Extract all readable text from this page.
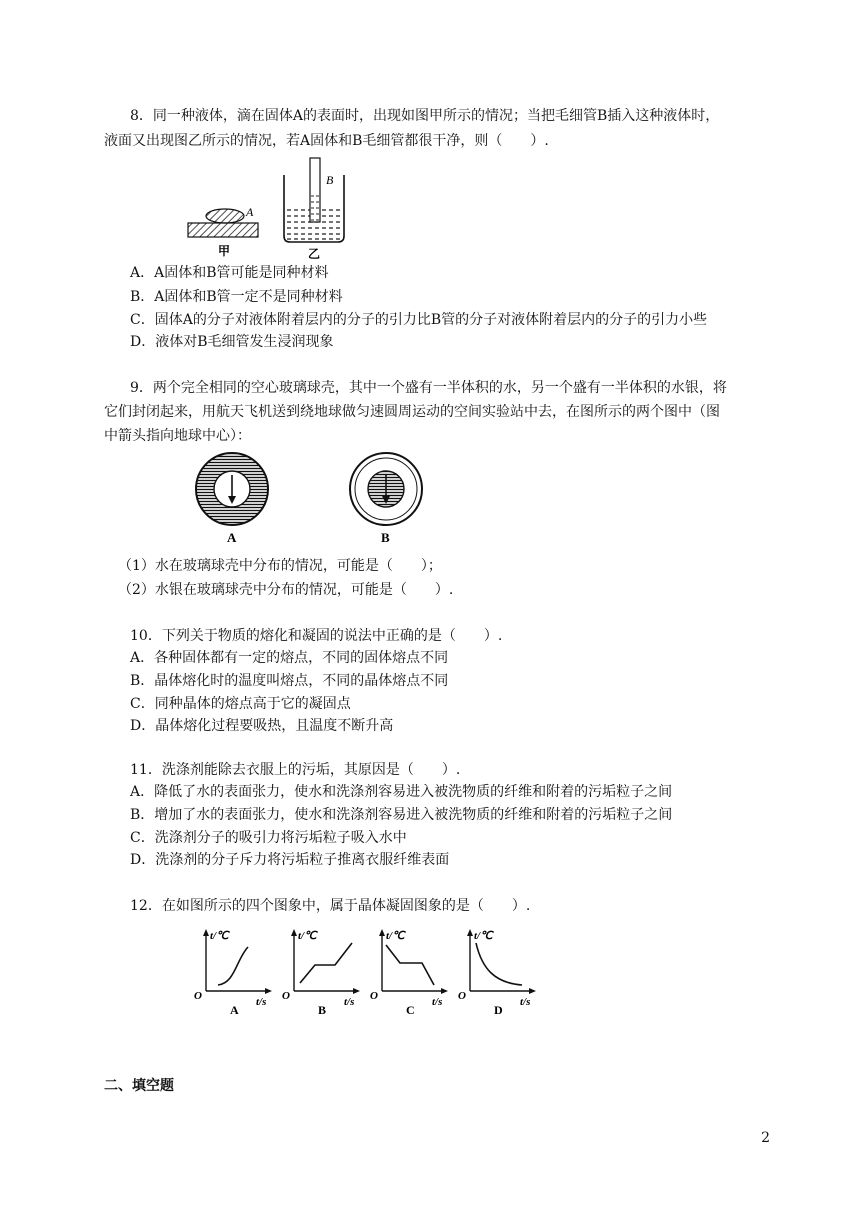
8．同一种液体，滴在固体A的表面时，出现如图甲所示的情况；当把毛细管B插入这种液体时，
液面又出现图乙所示的情况，若A固体和B毛细管都很干净，则（　　）.
A
甲
B
乙
A．A固体和B管可能是同种材料
B．A固体和B管一定不是同种材料
C．固体A的分子对液体附着层内的分子的引力比B管的分子对液体附着层内的分子的引力小些
D．液体对B毛细管发生浸润现象
9．两个完全相同的空心玻璃球壳，其中一个盛有一半体积的水，另一个盛有一半体积的水银，将
它们封闭起来，用航天飞机送到绕地球做匀速圆周运动的空间实验站中去，在图所示的两个图中（图
中箭头指向地球中心）：
A	B
（1）水在玻璃球壳中分布的情况，可能是（　　）；
（2）水银在玻璃球壳中分布的情况，可能是（　　）.
10．下列关于物质的熔化和凝固的说法中正确的是（　　）.
A．各种固体都有一定的熔点，不同的固体熔点不同
B．晶体熔化时的温度叫熔点，不同的晶体熔点不同
C．同种晶体的熔点高于它的凝固点
D．晶体熔化过程要吸热，且温度不断升高
11．洗涤剂能除去衣服上的污垢，其原因是（　　）.
A．降低了水的表面张力，使水和洗涤剂容易进入被洗物质的纤维和附着的污垢粒子之间
B．增加了水的表面张力，使水和洗涤剂容易进入被洗物质的纤维和附着的污垢粒子之间
C．洗涤剂分子的吸引力将污垢粒子吸入水中
D．洗涤剂的分子斥力将污垢粒子推离衣服纤维表面
12．在如图所示的四个图象中，属于晶体凝固图象的是（　　）.
t/℃
t/s
O
A
t/℃
t/s
O
B
t/℃
t/s
O
C
t/℃
t/s
O
D
二、填空题
2
